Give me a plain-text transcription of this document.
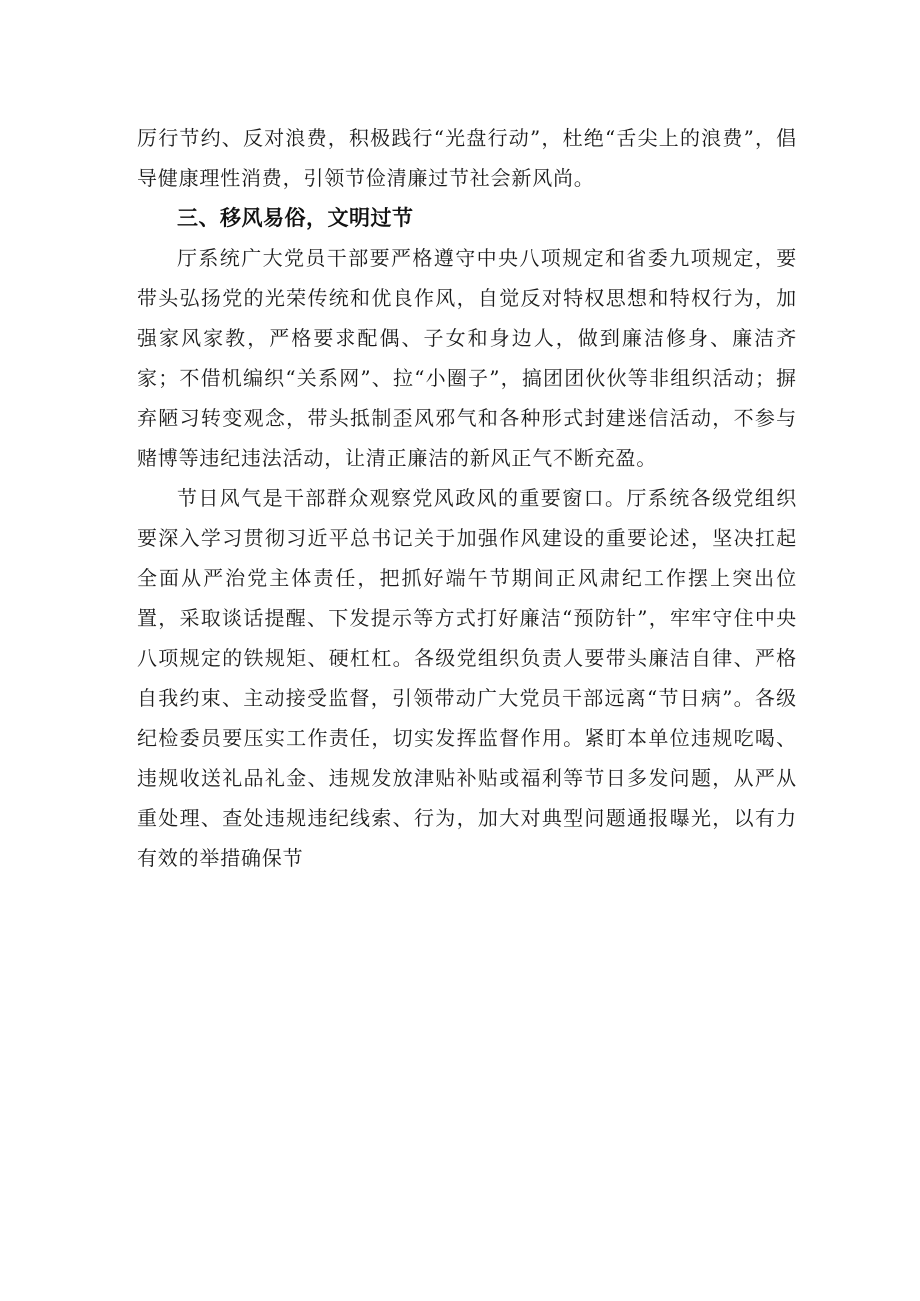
厉行节约、反对浪费，积极践行“光盘行动”，杜绝“舌尖上的浪费”，倡导健康理性消费，引领节俭清廉过节社会新风尚。

三、移风易俗，文明过节

厅系统广大党员干部要严格遵守中央八项规定和省委九项规定，要带头弘扬党的光荣传统和优良作风，自觉反对特权思想和特权行为，加强家风家教，严格要求配偶、子女和身边人，做到廉洁修身、廉洁齐家；不借机编织“关系网”、拉“小圈子”，搞团团伙伙等非组织活动；摒弃陋习转变观念，带头抵制歪风邪气和各种形式封建迷信活动，不参与赌博等违纪违法活动，让清正廉洁的新风正气不断充盈。

节日风气是干部群众观察党风政风的重要窗口。厅系统各级党组织要深入学习贯彻习近平总书记关于加强作风建设的重要论述，坚决扛起全面从严治党主体责任，把抓好端午节期间正风肃纪工作摆上突出位置，采取谈话提醒、下发提示等方式打好廉洁“预防针”，牢牢守住中央八项规定的铁规矩、硬杠杠。各级党组织负责人要带头廉洁自律、严格自我约束、主动接受监督，引领带动广大党员干部远离“节日病”。各级纪检委员要压实工作责任，切实发挥监督作用。紧盯本单位违规吃喝、违规收送礼品礼金、违规发放津贴补贴或福利等节日多发问题，从严从重处理、查处违规违纪线索、行为，加大对典型问题通报曝光，以有力有效的举措确保节
